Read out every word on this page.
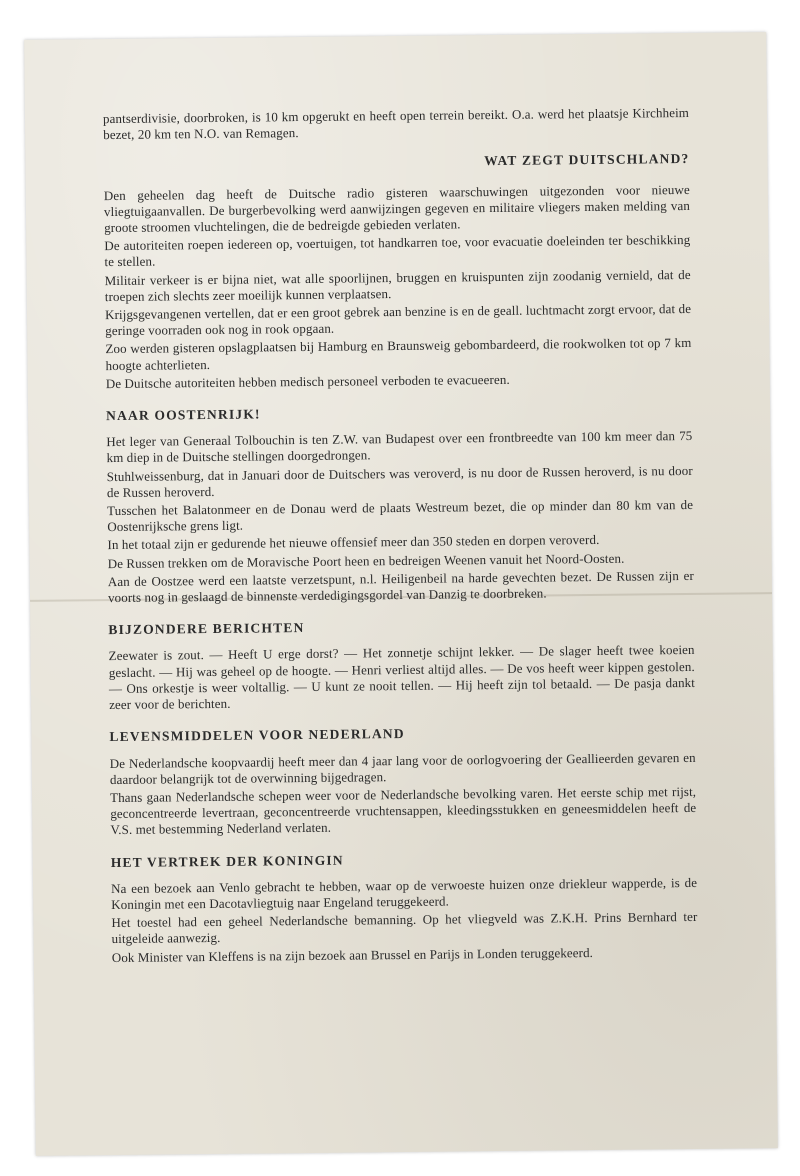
pantserdivisie, doorbroken, is 10 km opgerukt en heeft open terrein bereikt. O.a. werd het plaatsje Kirchheim bezet, 20 km ten N.O. van Remagen.

WAT ZEGT DUITSCHLAND?

Den geheelen dag heeft de Duitsche radio gisteren waarschuwingen uitgezonden voor nieuwe vliegtuigaanvallen. De burgerbevolking werd aanwijzingen gegeven en militaire vliegers maken melding van groote stroomen vluchtelingen, die de bedreigde gebieden verlaten.

De autoriteiten roepen iedereen op, voertuigen, tot handkarren toe, voor evacuatie doeleinden ter beschikking te stellen.

Militair verkeer is er bijna niet, wat alle spoorlijnen, bruggen en kruispunten zijn zoodanig vernield, dat de troepen zich slechts zeer moeilijk kunnen verplaatsen.

Krijgsgevangenen vertellen, dat er een groot gebrek aan benzine is en de geall. luchtmacht zorgt ervoor, dat de geringe voorraden ook nog in rook opgaan.

Zoo werden gisteren opslagplaatsen bij Hamburg en Braunsweig gebombardeerd, die rookwolken tot op 7 km hoogte achterlieten.

De Duitsche autoriteiten hebben medisch personeel verboden te evacueeren.

NAAR OOSTENRIJK!

Het leger van Generaal Tolbouchin is ten Z.W. van Budapest over een frontbreedte van 100 km meer dan 75 km diep in de Duitsche stellingen doorgedrongen.

Stuhlweissenburg, dat in Januari door de Duitschers was veroverd, is nu door de Russen heroverd, is nu door de Russen heroverd.

Tusschen het Balatonmeer en de Donau werd de plaats Westreum bezet, die op minder dan 80 km van de Oostenrijksche grens ligt.

In het totaal zijn er gedurende het nieuwe offensief meer dan 350 steden en dorpen veroverd.

De Russen trekken om de Moravische Poort heen en bedreigen Weenen vanuit het Noord-Oosten.

Aan de Oostzee werd een laatste verzetspunt, n.l. Heiligenbeil na harde gevechten bezet. De Russen zijn er voorts nog in geslaagd de binnenste verdedigingsgordel van Danzig te doorbreken.

BIJZONDERE BERICHTEN

Zeewater is zout. — Heeft U erge dorst? — Het zonnetje schijnt lekker. — De slager heeft twee koeien geslacht. — Hij was geheel op de hoogte. — Henri verliest altijd alles. — De vos heeft weer kippen gestolen. — Ons orkestje is weer voltallig. — U kunt ze nooit tellen. — Hij heeft zijn tol betaald. — De pasja dankt zeer voor de berichten.

LEVENSMIDDELEN VOOR NEDERLAND

De Nederlandsche koopvaardij heeft meer dan 4 jaar lang voor de oorlogvoering der Geallieerden gevaren en daardoor belangrijk tot de overwinning bijgedragen.

Thans gaan Nederlandsche schepen weer voor de Nederlandsche bevolking varen. Het eerste schip met rijst, geconcentreerde levertraan, geconcentreerde vruchtensappen, kleedingsstukken en geneesmiddelen heeft de V.S. met bestemming Nederland verlaten.

HET VERTREK DER KONINGIN

Na een bezoek aan Venlo gebracht te hebben, waar op de verwoeste huizen onze driekleur wapperde, is de Koningin met een Dacotavliegtuig naar Engeland teruggekeerd.

Het toestel had een geheel Nederlandsche bemanning. Op het vliegveld was Z.K.H. Prins Bernhard ter uitgeleide aanwezig.

Ook Minister van Kleffens is na zijn bezoek aan Brussel en Parijs in Londen teruggekeerd.
